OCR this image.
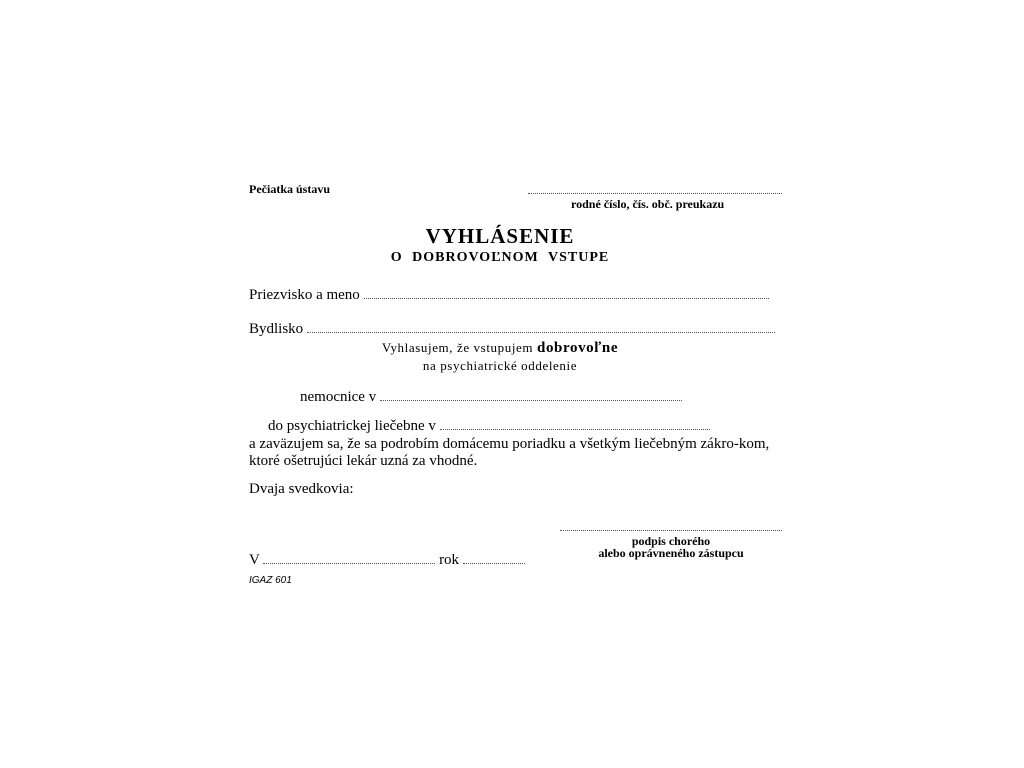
Pečiatka ústavu
rodné číslo, čís. obč. preukazu
VYHLÁSENIE
O DOBROVOĽNOM VSTUPE
Priezvisko a meno
Bydlisko
Vyhlasujem, že vstupujem dobrovoľne
na psychiatrické oddelenie
nemocnice v
do psychiatrickej liečebne v
a zaväzujem sa, že sa podrobím domácemu poriadku a všetkým liečebným zákro-kom, ktoré ošetrujúci lekár uzná za vhodné.
Dvaja svedkovia:
podpis chorého
alebo oprávneného zástupcu
V	rok
IGAZ 601
